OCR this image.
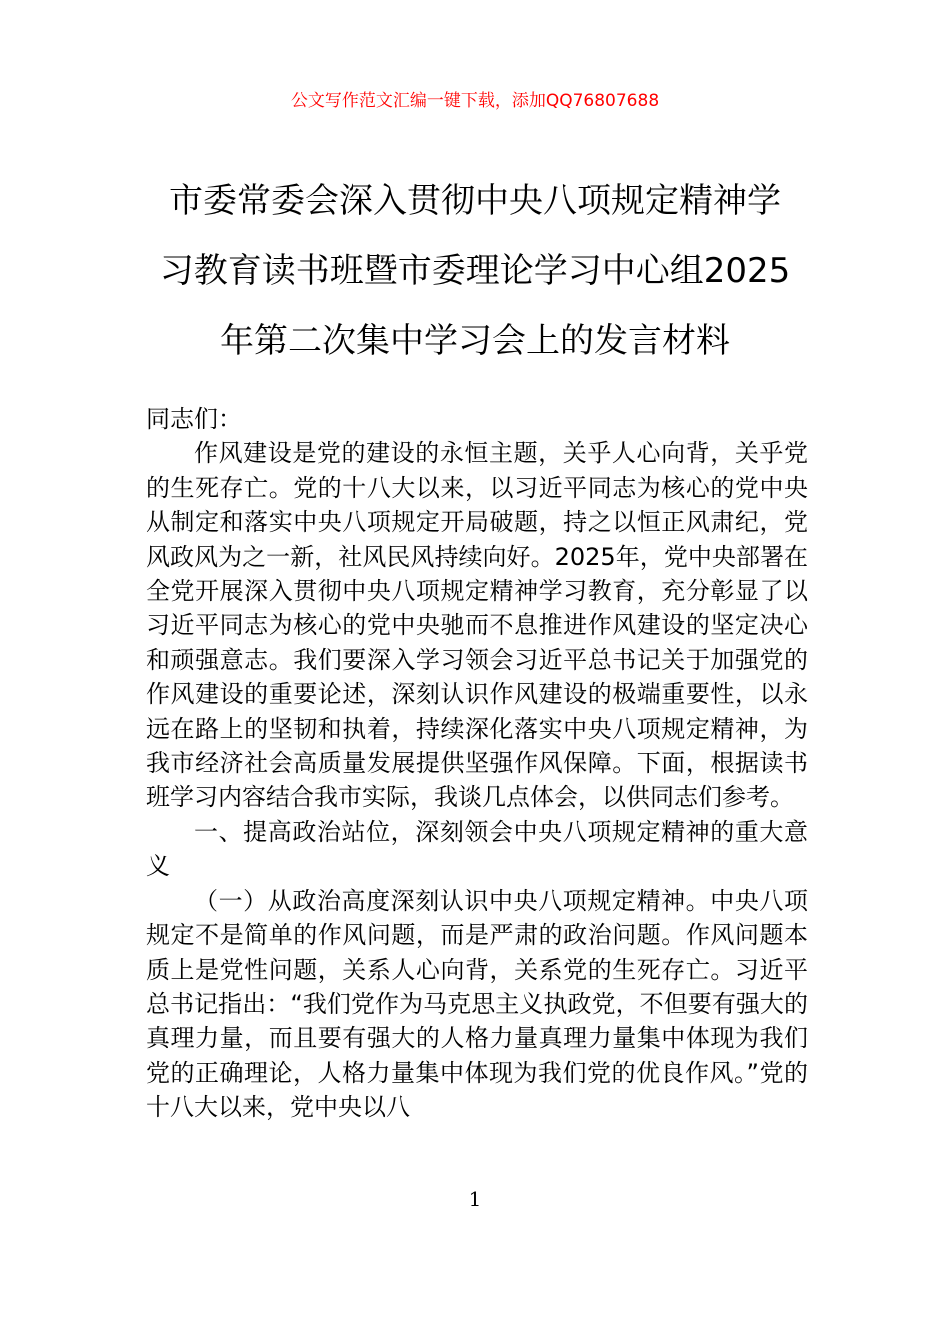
公文写作范文汇编一键下载，添加QQ76807688
市委常委会深入贯彻中央八项规定精神学
习教育读书班暨市委理论学习中心组2025
年第二次集中学习会上的发言材料

同志们：

作风建设是党的建设的永恒主题，关乎人心向背，关乎党的生死存亡。党的十八大以来，以习近平同志为核心的党中央从制定和落实中央八项规定开局破题，持之以恒正风肃纪，党风政风为之一新，社风民风持续向好。2025年，党中央部署在全党开展深入贯彻中央八项规定精神学习教育，充分彰显了以习近平同志为核心的党中央驰而不息推进作风建设的坚定决心和顽强意志。我们要深入学习领会习近平总书记关于加强党的作风建设的重要论述，深刻认识作风建设的极端重要性，以永远在路上的坚韧和执着，持续深化落实中央八项规定精神，为我市经济社会高质量发展提供坚强作风保障。下面，根据读书班学习内容结合我市实际，我谈几点体会，以供同志们参考。

一、提高政治站位，深刻领会中央八项规定精神的重大意义

（一）从政治高度深刻认识中央八项规定精神。中央八项规定不是简单的作风问题，而是严肃的政治问题。作风问题本质上是党性问题，关系人心向背，关系党的生死存亡。习近平总书记指出：“我们党作为马克思主义执政党，不但要有强大的真理力量，而且要有强大的人格力量真理力量集中体现为我们党的正确理论，人格力量集中体现为我们党的优良作风。”党的十八大以来，党中央以八

1
